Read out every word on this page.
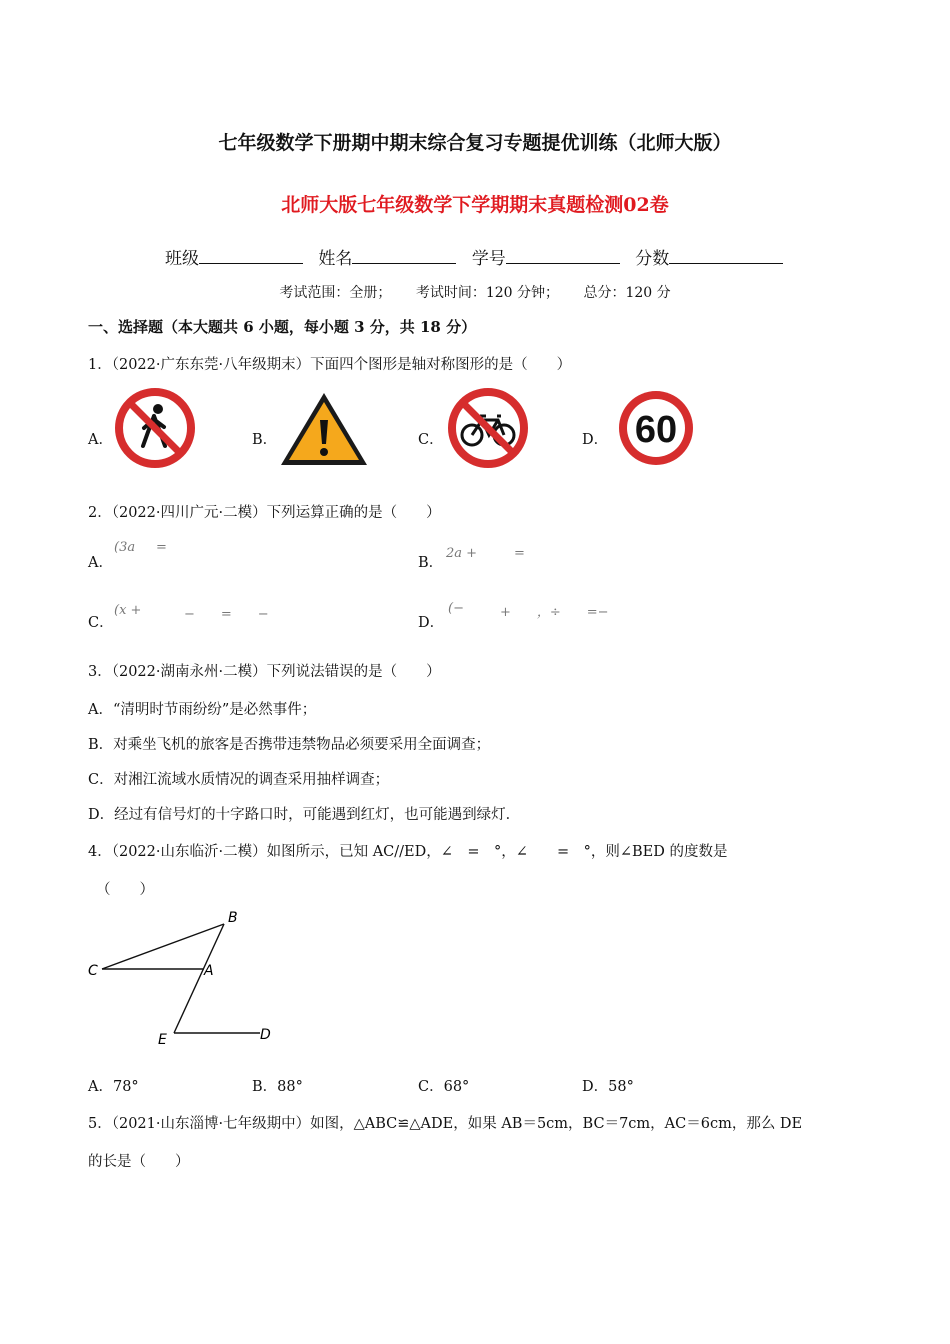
七年级数学下册期中期末综合复习专题提优训练（北师大版）
北师大版七年级数学下学期期末真题检测02卷
班级	姓名	学号	分数
考试范围：全册； 考试时间：120 分钟； 总分：120 分
一、选择题（本大题共 6 小题，每小题 3 分，共 18 分）
1．（2022·广东东莞·八年级期末）下面四个图形是轴对称图形的是（　　）
A．	B．	C．	D． 60
2．（2022·四川广元·二模）下列运算正确的是（　　）
A．
(3a =
B．
2a +	=
C．
(x +	−　　=　　−
D．
(−	+　　，÷　　=−
3．（2022·湖南永州·二模）下列说法错误的是（　　）
A．“清明时节雨纷纷”是必然事件；
B．对乘坐飞机的旅客是否携带违禁物品必须要采用全面调查；
C．对湘江流域水质情况的调查采用抽样调查；
D．经过有信号灯的十字路口时，可能遇到红灯，也可能遇到绿灯．
4．（2022·山东临沂·二模）如图所示，已知 AC//ED，∠　=　°，∠　　=　°，则∠BED 的度数是
（　　）
B
C	A
E	D
A．78°	B．88°	C．68°	D．58°
5．（2021·山东淄博·七年级期中）如图，△ABC≌△ADE，如果 AB＝5cm，BC＝7cm，AC＝6cm，那么 DE
的长是（　　）
